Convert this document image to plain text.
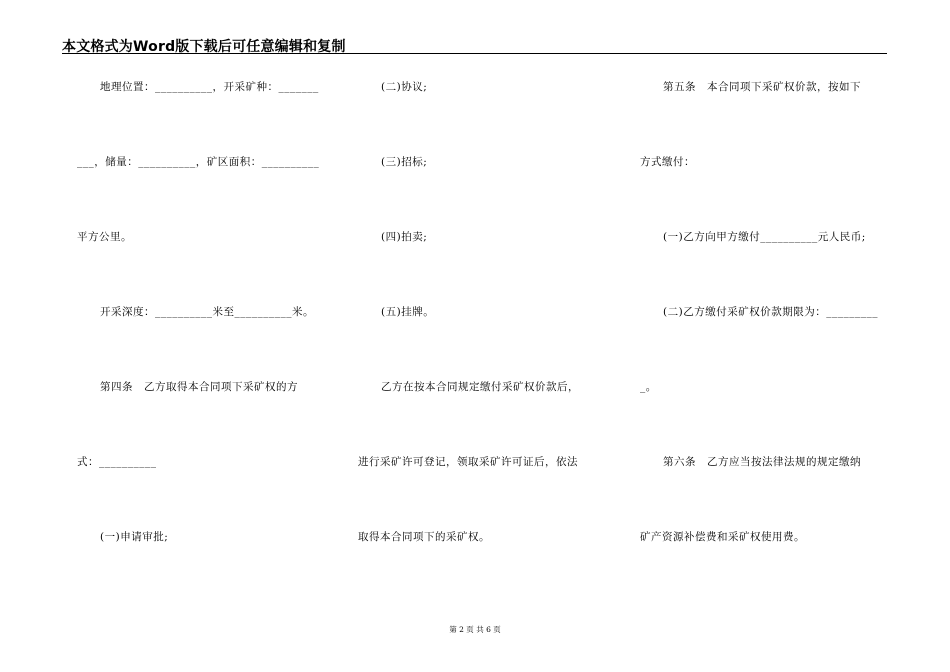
本文格式为Word版下载后可任意编辑和复制
地理位置：__________，开采矿种：_______
___，储量：__________，矿区面积：__________
平方公里。
开采深度：__________米至__________米。
第四条　乙方取得本合同项下采矿权的方
式：__________
(一)申请审批;
(二)协议;
(三)招标;
(四)拍卖;
(五)挂牌。
乙方在按本合同规定缴付采矿权价款后，
进行采矿许可登记，领取采矿许可证后，依法
取得本合同项下的采矿权。
第五条　本合同项下采矿权价款，按如下
方式缴付：
(一)乙方向甲方缴付__________元人民币;
(二)乙方缴付采矿权价款期限为：_________
_。
第六条　乙方应当按法律法规的规定缴纳
矿产资源补偿费和采矿权使用费。
第 2 页 共 6 页
